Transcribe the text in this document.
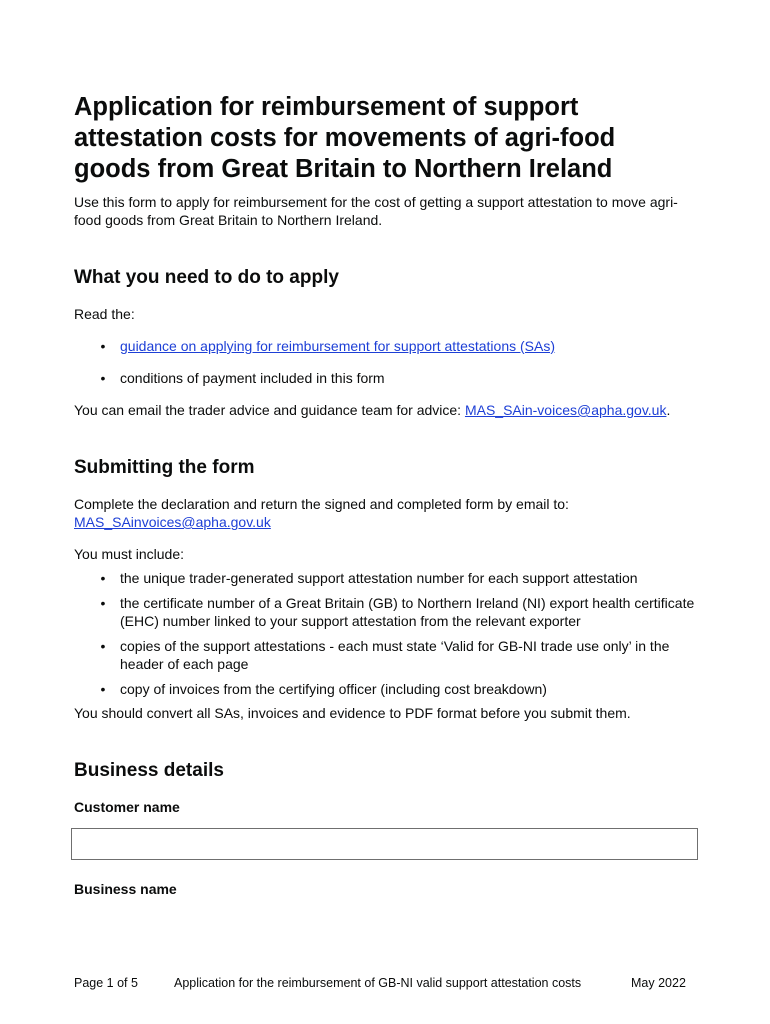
Application for reimbursement of support attestation costs for movements of agri-food goods from Great Britain to Northern Ireland

Use this form to apply for reimbursement for the cost of getting a support attestation to move agri-food goods from Great Britain to Northern Ireland.

What you need to do to apply

Read the:

• guidance on applying for reimbursement for support attestations (SAs)
• conditions of payment included in this form

You can email the trader advice and guidance team for advice: MAS_SAin-voices@apha.gov.uk.

Submitting the form

Complete the declaration and return the signed and completed form by email to:
MAS_SAinvoices@apha.gov.uk

You must include:

• the unique trader-generated support attestation number for each support attestation
• the certificate number of a Great Britain (GB) to Northern Ireland (NI) export health certificate (EHC) number linked to your support attestation from the relevant exporter
• copies of the support attestations - each must state ‘Valid for GB-NI trade use only’ in the header of each page
• copy of invoices from the certifying officer (including cost breakdown)

You should convert all SAs, invoices and evidence to PDF format before you submit them.

Business details
Customer name
Business name
Page 1 of 5	Application for the reimbursement of GB-NI valid support attestation costs	May 2022
